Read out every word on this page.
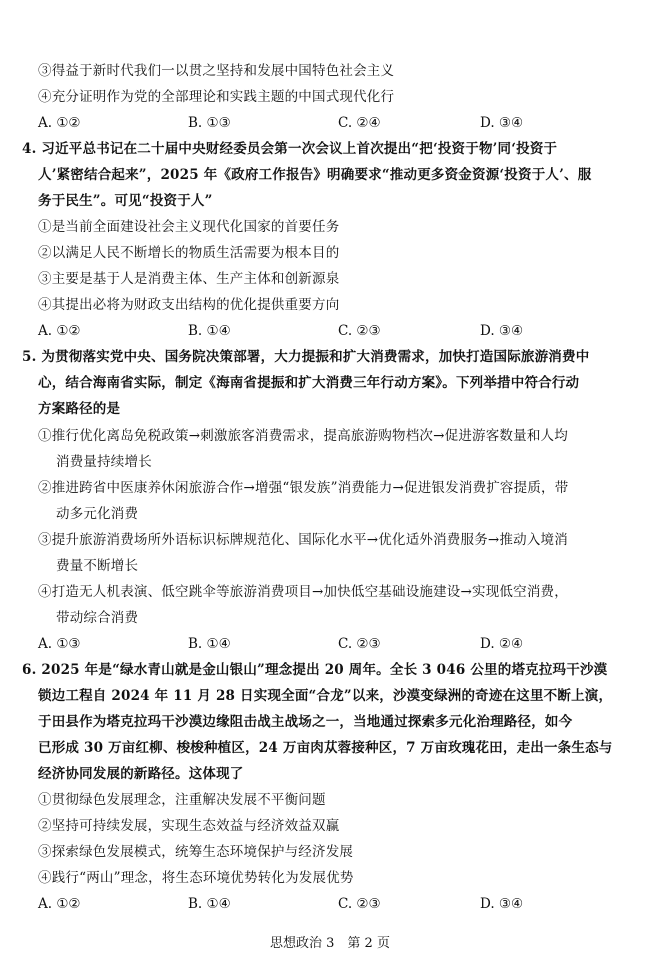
③得益于新时代我们一以贯之坚持和发展中国特色社会主义
④充分证明作为党的全部理论和实践主题的中国式现代化行
A. ①②	B. ①③	C. ②④	D. ③④
4. 习近平总书记在二十届中央财经委员会第一次会议上首次提出“把‘投资于物’同‘投资于
人’紧密结合起来”，2025 年《政府工作报告》明确要求“推动更多资金资源‘投资于人’、服
务于民生”。可见“投资于人”
①是当前全面建设社会主义现代化国家的首要任务
②以满足人民不断增长的物质生活需要为根本目的
③主要是基于人是消费主体、生产主体和创新源泉
④其提出必将为财政支出结构的优化提供重要方向
A. ①②	B. ①④	C. ②③	D. ③④
5. 为贯彻落实党中央、国务院决策部署，大力提振和扩大消费需求，加快打造国际旅游消费中
心，结合海南省实际，制定《海南省提振和扩大消费三年行动方案》。下列举措中符合行动
方案路径的是
①推行优化离岛免税政策→刺激旅客消费需求，提高旅游购物档次→促进游客数量和人均
消费量持续增长
②推进跨省中医康养休闲旅游合作→增强“银发族”消费能力→促进银发消费扩容提质，带
动多元化消费
③提升旅游消费场所外语标识标牌规范化、国际化水平→优化适外消费服务→推动入境消
费量不断增长
④打造无人机表演、低空跳伞等旅游消费项目→加快低空基础设施建设→实现低空消费，
带动综合消费
A. ①③	B. ①④	C. ②③	D. ②④
6. 2025 年是“绿水青山就是金山银山”理念提出 20 周年。全长 3 046 公里的塔克拉玛干沙漠
锁边工程自 2024 年 11 月 28 日实现全面“合龙”以来，沙漠变绿洲的奇迹在这里不断上演，
于田县作为塔克拉玛干沙漠边缘阻击战主战场之一，当地通过探索多元化治理路径，如今
已形成 30 万亩红柳、梭梭种植区，24 万亩肉苁蓉接种区，7 万亩玫瑰花田，走出一条生态与
经济协同发展的新路径。这体现了
①贯彻绿色发展理念，注重解决发展不平衡问题
②坚持可持续发展，实现生态效益与经济效益双赢
③探索绿色发展模式，统筹生态环境保护与经济发展
④践行“两山”理念，将生态环境优势转化为发展优势
A. ①②	B. ①④	C. ②③	D. ③④
思想政治 3　第 2 页
